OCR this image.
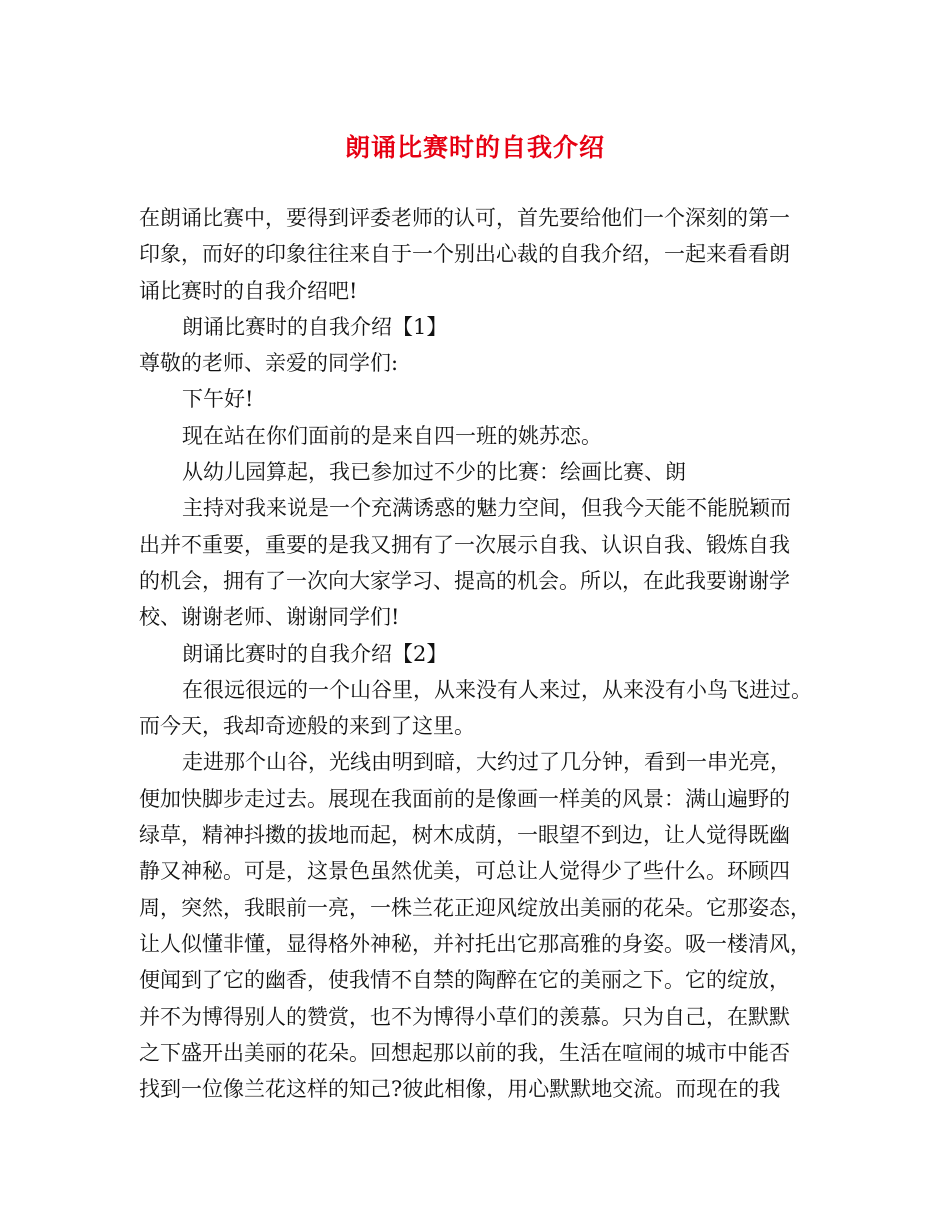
朗诵比赛时的自我介绍
在朗诵比赛中，要得到评委老师的认可，首先要给他们一个深刻的第一
印象，而好的印象往往来自于一个别出心裁的自我介绍，一起来看看朗
诵比赛时的自我介绍吧!
朗诵比赛时的自我介绍【1】
尊敬的老师、亲爱的同学们:
下午好!
现在站在你们面前的是来自四一班的姚苏恋。
从幼儿园算起，我已参加过不少的比赛：绘画比赛、朗
主持对我来说是一个充满诱惑的魅力空间，但我今天能不能脱颖而
出并不重要，重要的是我又拥有了一次展示自我、认识自我、锻炼自我
的机会，拥有了一次向大家学习、提高的机会。所以，在此我要谢谢学
校、谢谢老师、谢谢同学们!
朗诵比赛时的自我介绍【2】
在很远很远的一个山谷里，从来没有人来过，从来没有小鸟飞进过。
而今天，我却奇迹般的来到了这里。
走进那个山谷，光线由明到暗，大约过了几分钟，看到一串光亮，
便加快脚步走过去。展现在我面前的是像画一样美的风景：满山遍野的
绿草，精神抖擞的拔地而起，树木成荫，一眼望不到边，让人觉得既幽
静又神秘。可是，这景色虽然优美，可总让人觉得少了些什么。环顾四
周，突然，我眼前一亮，一株兰花正迎风绽放出美丽的花朵。它那姿态，
让人似懂非懂，显得格外神秘，并衬托出它那高雅的身姿。吸一楼清风，
便闻到了它的幽香，使我情不自禁的陶醉在它的美丽之下。它的绽放，
并不为博得别人的赞赏，也不为博得小草们的羡慕。只为自己，在默默
之下盛开出美丽的花朵。回想起那以前的我，生活在喧闹的城市中能否
找到一位像兰花这样的知己?彼此相像，用心默默地交流。而现在的我
